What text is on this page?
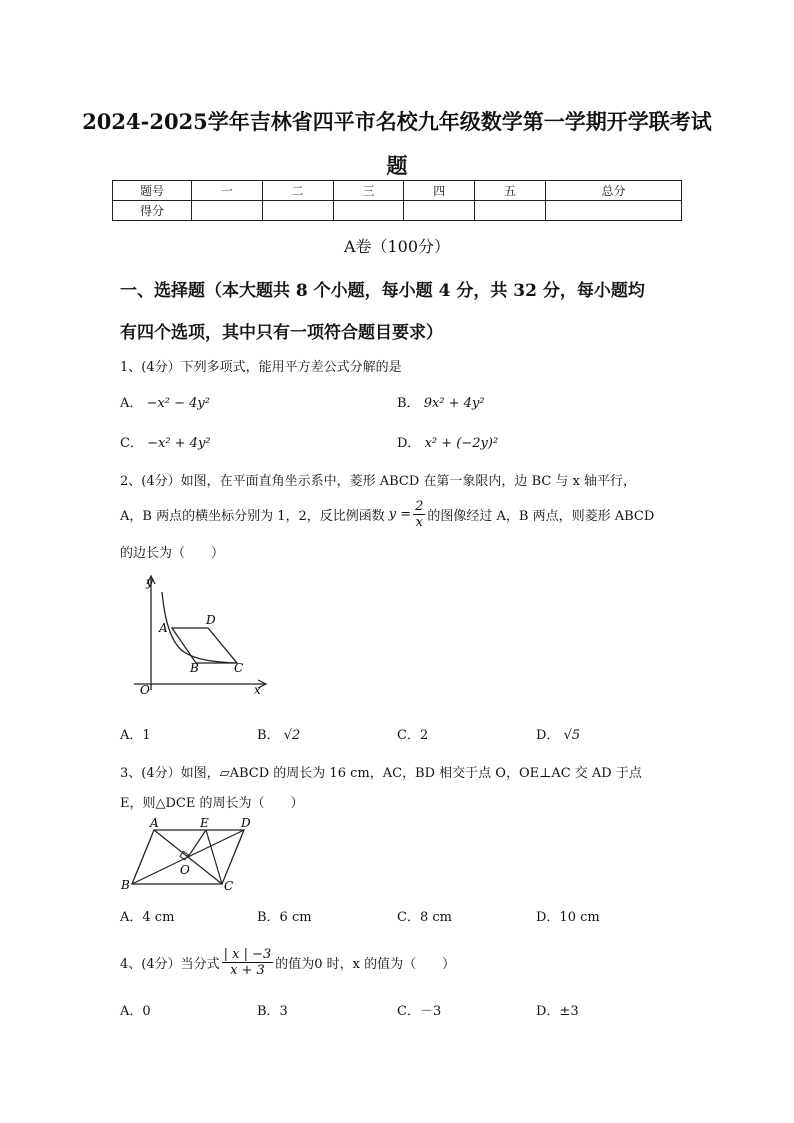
2024-2025学年吉林省四平市名校九年级数学第一学期开学联考试
题
题号	一	二	三	四	五	总分
得分						
A卷（100分）
一、选择题（本大题共 8 个小题，每小题 4 分，共 32 分，每小题均
有四个选项，其中只有一项符合题目要求）
1、(4分）下列多项式，能用平方差公式分解的是
A． −x² − 4y²	B． 9x² + 4y²
C． −x² + 4y²	D． x² + (−2y)²
2、(4分）如图，在平面直角坐示系中，菱形 ABCD 在第一象限内，边 BC 与 x 轴平行，
A，B 两点的横坐标分别为 1，2，反比例函数 $y = \frac{2}{x}$ 的图像经过 A，B 两点，则菱形 ABCD
的边长为（　　）
y
x
O
A
D
B	C
A．1	B． √2	C．2	D． √5
3、(4分）如图，▱ABCD 的周长为 16 cm，AC，BD 相交于点 O，OE⊥AC 交 AD 于点
E，则△DCE 的周长为（　　）
A	E	D
B	C
O
A．4 cm	B．6 cm	C．8 cm	D．10 cm
4、(4分）当分式 $\frac{| x | -3}{x + 3}$ 的值为0 时，x 的值为（　　）
A．0	B．3	C．－3	D．±3
